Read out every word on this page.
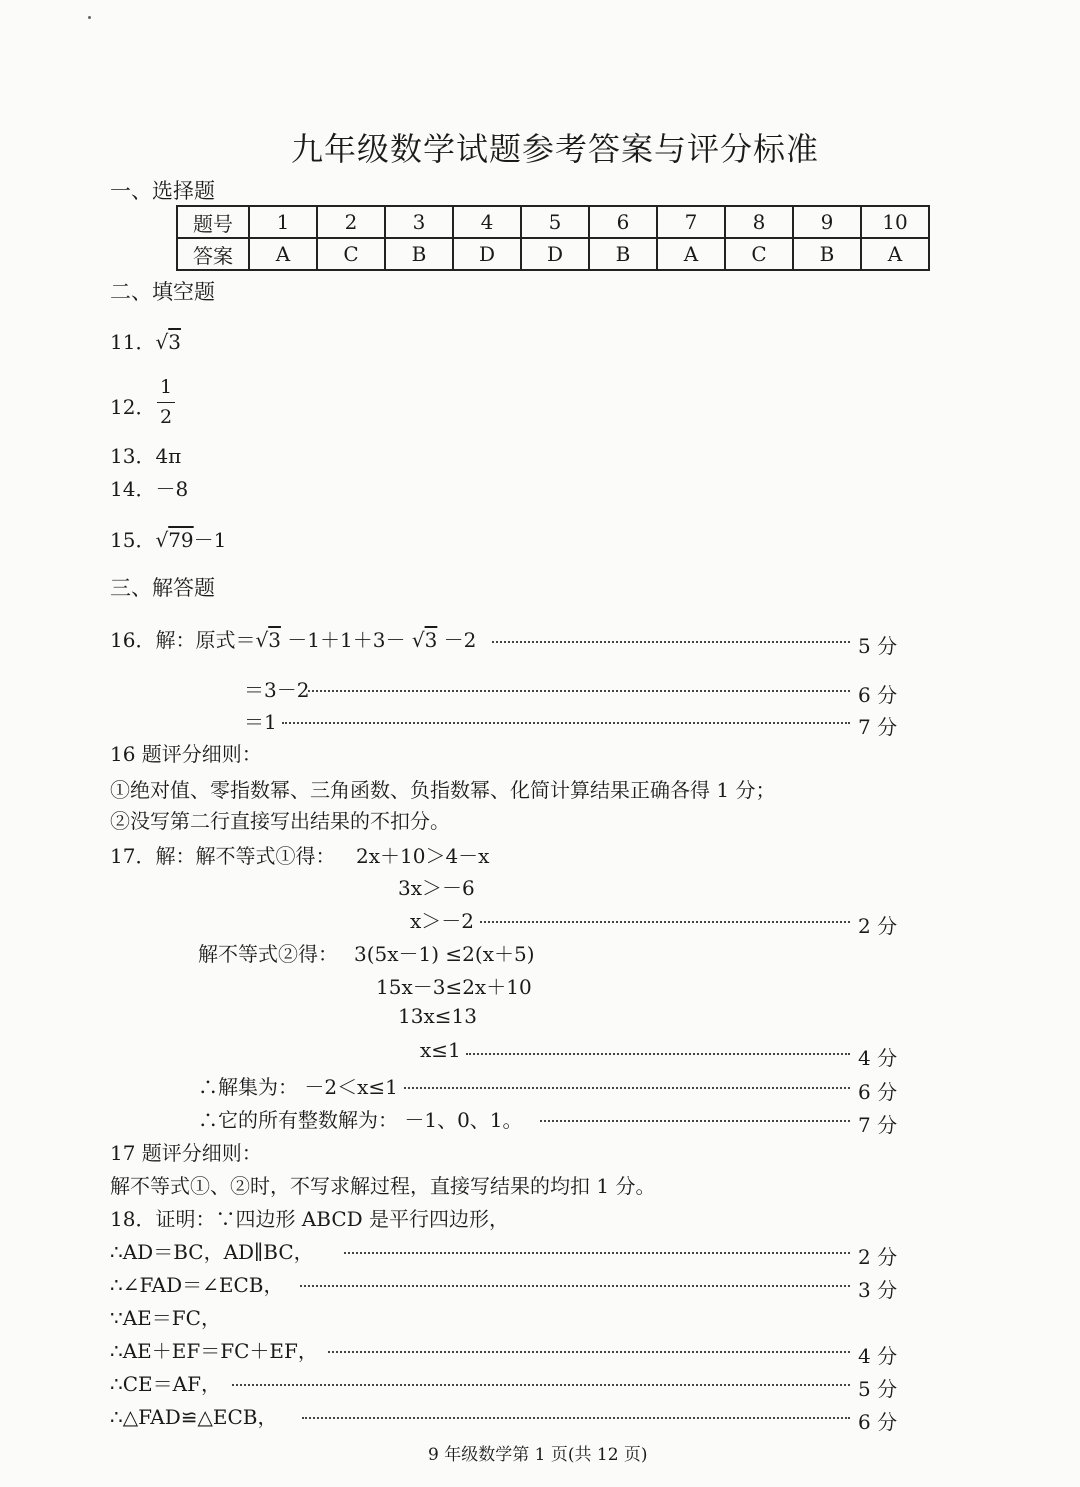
九年级数学试题参考答案与评分标准
一、选择题
题号	1	2	3	4	5	6	7	8	9	10
答案	A	C	B	D	D	B	A	C	B	A
二、填空题
11．√3
12．
1
2
13．4π
14．－8
15．√79－1
三、解答题
16．解：原式＝√3 －1＋1＋3－ √3 －2	5 分
＝3－2	6 分
＝1	7 分
16 题评分细则：
①绝对值、零指数幂、三角函数、负指数幂、化简计算结果正确各得 1 分；
②没写第二行直接写出结果的不扣分。
17．解：解不等式①得： 2x＋10＞4－x
3x＞－6
x＞－2	2 分
解不等式②得： 3(5x－1) ≤2(x＋5)
15x－3≤2x＋10
13x≤13
x≤1	4 分
∴解集为： －2＜x≤1	6 分
∴它的所有整数解为： －1、0、1。	7 分
17 题评分细则：
解不等式①、②时，不写求解过程，直接写结果的均扣 1 分。
18．证明：∵四边形 ABCD 是平行四边形，
∴AD＝BC，AD∥BC，	2 分
∴∠FAD＝∠ECB，	3 分
∵AE＝FC，
∴AE＋EF＝FC＋EF，	4 分
∴CE＝AF，	5 分
∴△FAD≌△ECB，	6 分
9 年级数学第 1 页(共 12 页)
